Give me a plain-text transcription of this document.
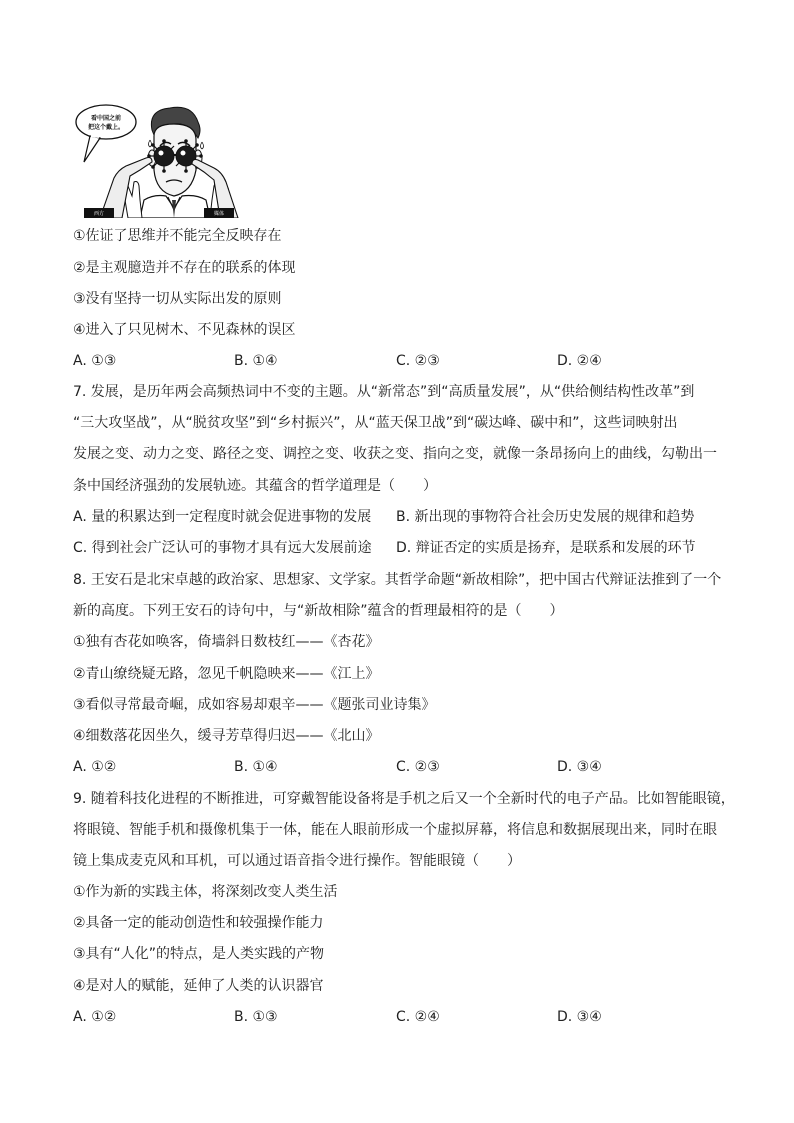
看中国之前
把这个戴上。
西方	媒体
①佐证了思维并不能完全反映存在
②是主观臆造并不存在的联系的体现
③没有坚持一切从实际出发的原则
④进入了只见树木、不见森林的误区
A. ①③	B. ①④	C. ②③	D. ②④
7. 发展，是历年两会高频热词中不变的主题。从“新常态”到“高质量发展”，从“供给侧结构性改革”到
“三大攻坚战”，从“脱贫攻坚”到“乡村振兴”，从“蓝天保卫战”到“碳达峰、碳中和”，这些词映射出
发展之变、动力之变、路径之变、调控之变、收获之变、指向之变，就像一条昂扬向上的曲线，勾勒出一
条中国经济强劲的发展轨迹。其蕴含的哲学道理是（　　）
A. 量的积累达到一定程度时就会促进事物的发展 B. 新出现的事物符合社会历史发展的规律和趋势
C. 得到社会广泛认可的事物才具有远大发展前途 D. 辩证否定的实质是扬弃，是联系和发展的环节
8. 王安石是北宋卓越的政治家、思想家、文学家。其哲学命题“新故相除”，把中国古代辩证法推到了一个
新的高度。下列王安石的诗句中，与“新故相除”蕴含的哲理最相符的是（　　）
①独有杏花如唤客，倚墙斜日数枝红——《杏花》
②青山缭绕疑无路，忽见千帆隐映来——《江上》
③看似寻常最奇崛，成如容易却艰辛——《题张司业诗集》
④细数落花因坐久，缓寻芳草得归迟——《北山》
A. ①②	B. ①④	C. ②③	D. ③④
9. 随着科技化进程的不断推进，可穿戴智能设备将是手机之后又一个全新时代的电子产品。比如智能眼镜，
将眼镜、智能手机和摄像机集于一体，能在人眼前形成一个虚拟屏幕，将信息和数据展现出来，同时在眼
镜上集成麦克风和耳机，可以通过语音指令进行操作。智能眼镜（　　）
①作为新的实践主体，将深刻改变人类生活
②具备一定的能动创造性和较强操作能力
③具有“人化”的特点，是人类实践的产物
④是对人的赋能，延伸了人类的认识器官
A. ①②	B. ①③	C. ②④	D. ③④
